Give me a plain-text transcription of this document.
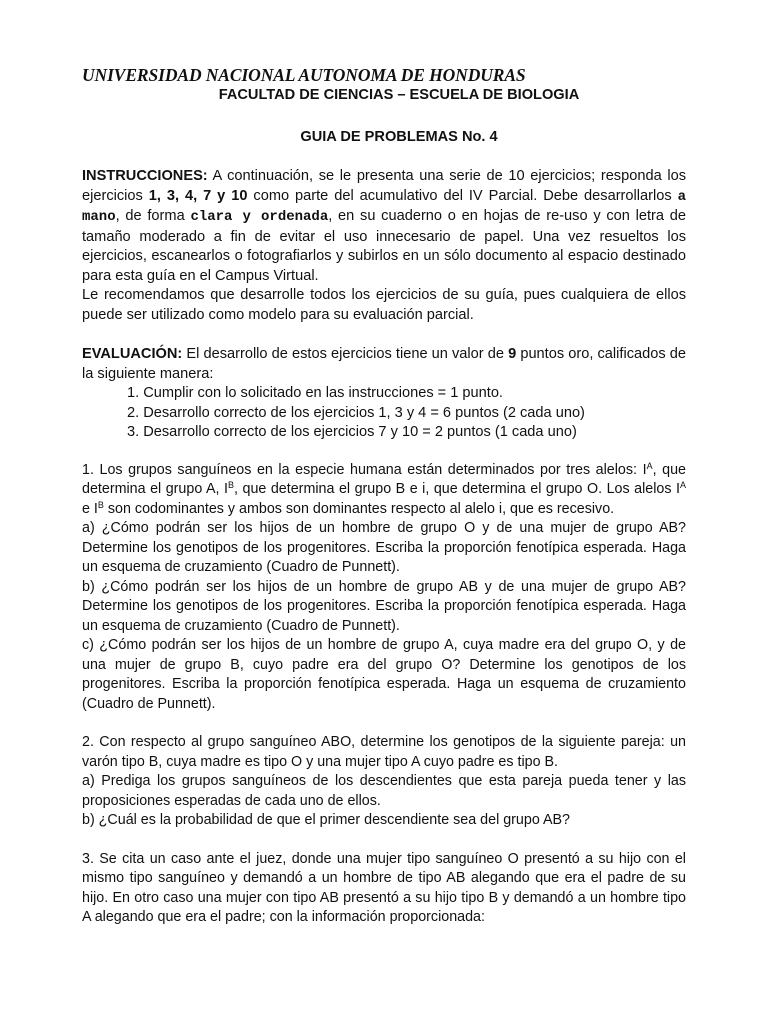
UNIVERSIDAD NACIONAL AUTONOMA DE HONDURAS

FACULTAD DE CIENCIAS – ESCUELA DE BIOLOGIA

GUIA DE PROBLEMAS No. 4

INSTRUCCIONES: A continuación, se le presenta una serie de 10 ejercicios; responda los ejercicios 1, 3, 4, 7 y 10 como parte del acumulativo del IV Parcial. Debe desarrollarlos a mano, de forma clara y ordenada, en su cuaderno o en hojas de re-uso y con letra de tamaño moderado a fin de evitar el uso innecesario de papel. Una vez resueltos los ejercicios, escanearlos o fotografiarlos y subirlos en un sólo documento al espacio destinado para esta guía en el Campus Virtual.

Le recomendamos que desarrolle todos los ejercicios de su guía, pues cualquiera de ellos puede ser utilizado como modelo para su evaluación parcial.

EVALUACIÓN: El desarrollo de estos ejercicios tiene un valor de 9 puntos oro, calificados de la siguiente manera:

1. Cumplir con lo solicitado en las instrucciones = 1 punto.
2. Desarrollo correcto de los ejercicios 1, 3 y 4 = 6 puntos (2 cada uno)
3. Desarrollo correcto de los ejercicios 7 y 10 = 2 puntos (1 cada uno)

1. Los grupos sanguíneos en la especie humana están determinados por tres alelos: $I^A$, que determina el grupo A, $I^B$, que determina el grupo B e i, que determina el grupo O. Los alelos $I^A$ e $I^B$ son codominantes y ambos son dominantes respecto al alelo i, que es recesivo.

a) ¿Cómo podrán ser los hijos de un hombre de grupo O y de una mujer de grupo AB? Determine los genotipos de los progenitores. Escriba la proporción fenotípica esperada. Haga un esquema de cruzamiento (Cuadro de Punnett).

b) ¿Cómo podrán ser los hijos de un hombre de grupo AB y de una mujer de grupo AB? Determine los genotipos de los progenitores. Escriba la proporción fenotípica esperada. Haga un esquema de cruzamiento (Cuadro de Punnett).

c) ¿Cómo podrán ser los hijos de un hombre de grupo A, cuya madre era del grupo O, y de una mujer de grupo B, cuyo padre era del grupo O? Determine los genotipos de los progenitores. Escriba la proporción fenotípica esperada. Haga un esquema de cruzamiento (Cuadro de Punnett).

2. Con respecto al grupo sanguíneo ABO, determine los genotipos de la siguiente pareja: un varón tipo B, cuya madre es tipo O y una mujer tipo A cuyo padre es tipo B.

a) Prediga los grupos sanguíneos de los descendientes que esta pareja pueda tener y las proposiciones esperadas de cada uno de ellos.

b) ¿Cuál es la probabilidad de que el primer descendiente sea del grupo AB?

3. Se cita un caso ante el juez, donde una mujer tipo sanguíneo O presentó a su hijo con el mismo tipo sanguíneo y demandó a un hombre de tipo AB alegando que era el padre de su hijo. En otro caso una mujer con tipo AB presentó a su hijo tipo B y demandó a un hombre tipo A alegando que era el padre; con la información proporcionada:
